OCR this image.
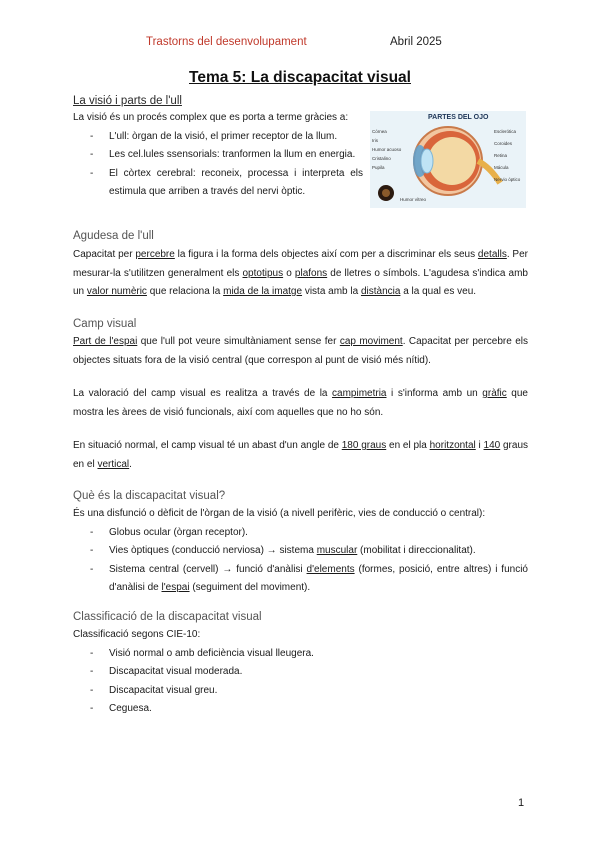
Trastorns del desenvolupament	Abril 2025
Tema 5: La discapacitat visual
La visió i parts de l'ull
La visió és un procés complex que es porta a terme gràcies a:
- L'ull: òrgan de la visió, el primer receptor de la llum.
- Les cel.lules ssensorials: tranformen la llum en energia.
- El còrtex cerebral: reconeix, processa i interpreta els estimula que arriben a través del nervi òptic.
PARTES DEL OJO
Córnea
Iris
Humor acuoso
Cristalino
Pupila
Humor vítreo
Esclerótica
Coroides
Retina
Mácula
Nervio óptico
Agudesa de l'ull
Capacitat per percebre la figura i la forma dels objectes així com per a discriminar els seus detalls. Per mesurar-la s'utilitzen generalment els optotipus o plafons de lletres o símbols. L'agudesa s'indica amb un valor numèric que relaciona la mida de la imatge vista amb la distància a la qual es veu.
Camp visual
Part de l'espai que l'ull pot veure simultàniament sense fer cap moviment. Capacitat per percebre els objectes situats fora de la visió central (que correspon al punt de visió més nítid).
La valoració del camp visual es realitza a través de la campimetria i s'informa amb un gràfic que mostra les àrees de visió funcionals, així com aquelles que no ho són.
En situació normal, el camp visual té un abast d'un angle de 180 graus en el pla horitzontal i 140 graus en el vertical.
Què és la discapacitat visual?
És una disfunció o dèficit de l'òrgan de la visió (a nivell perifèric, vies de conducció o central):
- Globus ocular (òrgan receptor).
- Vies òptiques (conducció nerviosa) → sistema muscular (mobilitat i direccionalitat).
- Sistema central (cervell) → funció d'anàlisi d'elements (formes, posició, entre altres) i funció d'anàlisi de l'espai (seguiment del moviment).
Classificació de la discapacitat visual
Classificació segons CIE-10:
- Visió normal o amb deficiència visual lleugera.
- Discapacitat visual moderada.
- Discapacitat visual greu.
- Ceguesa.
1
